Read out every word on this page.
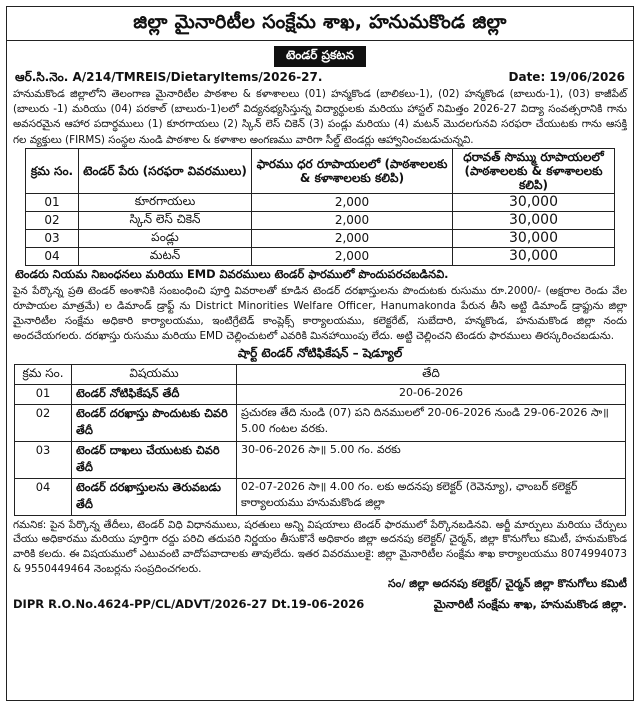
జిల్లా మైనారిటీల సంక్షేమ శాఖ, హనుమకొండ జిల్లా
టెండర్ ప్రకటన
ఆర్.సి.నెం. A/214/TMREIS/DietaryItems/2026-27.	Date: 19/06/2026
హనుమకొండ జిల్లాలోని తెలంగాణ మైనారిటీల పాఠశాల & కళాశాలలు (01) హన్మకొండ (బాలికలు-1), (02) హన్మకొండ (బాలురు-1), (03) కాజీపేట్ (బాలురు -1) మరియు (04) పరకాల్ (బాలురు-1)లలో విద్యనభ్యసిస్తున్న విద్యార్థులకు మరియు హాస్టల్ నిమిత్తం 2026-27 విద్యా సంవత్సరానికి గాను అవసరమైన ఆహార పదార్థములు (1) కూరగాయలు (2) స్కిన్ లెస్ చికెన్ (3) పండ్లు మరియు (4) మటన్ మొదలగునవి సరఫరా చేయుటకు గాను ఆసక్తి గల వ్యక్తులు (FIRMS) సంస్థల నుండి పాఠశాల & కళాశాల అంగణము వారిగా సీల్డ్ టెండర్లు ఆహ్వానించబడుచున్నవి.
క్రమ సం.	టెండర్ పేరు (సరఫరా వివరములు)	ఫారము ధర రూపాయలలో (పాఠశాలలకు & కళాశాలలకు కలిపి)	ధరావత్ సొమ్ము రూపాయలలో (పాఠశాలలకు & కళాశాలలకు కలిపి)
01	కూరగాయలు	2,000	30,000
02	స్కిన్ లెస్ చికెన్	2,000	30,000
03	పండ్లు	2,000	30,000
04	మటన్	2,000	30,000
టెండరు నియమ నిబంధనలు మరియు EMD వివరములు టెండర్ ఫారములో పొందుపరచబడినవి.
పైన పేర్కొన్న ప్రతి టెండర్ అంశానికి సంబంధించి పూర్తి వివరాలతో కూడిన టెండర్ దరఖాస్తులను పొందుటకు రుసుము రూ.2000/- (అక్షరాల రెండు వేల రూపాయల మాత్రమే) ల డిమాండ్ డ్రాఫ్ట్ ను District Minorities Welfare Officer, Hanumakonda పేరున తీసి అట్టి డిమాండ్ డ్రాఫ్టును జిల్లా మైనారిటీల సంక్షేమ అధికారి కార్యాలయము, ఇంటిగ్రేటెడ్ కాంప్లెక్స్ కార్యాలయము, కలెక్టరేట్, సుబేదారి, హన్మకొండ, హనుమకొండ జిల్లా నందు అందచేయగలరు. దరఖాస్తు రుసుము మరియు EMD చెల్లించుటలో ఎవరికి మినహాయింపు లేదు. అట్టి చెల్లించని టెండరు ఫారములు తిరస్కరించబడును.
షార్ట్ టెండర్ నోటిఫికేషన్ – షెడ్యూల్
క్రమ సం.	విషయము	తేది
01	టెండర్ నోటిఫికేషన్ తేదీ	20-06-2026
02	టెండర్ దరఖాస్తు పొందుటకు చివరి తేదీ	ప్రచురణ తేది నుండి (07) పని దినములలో 20-06-2026 నుండి 29-06-2026 సా॥ 5.00 గంటల వరకు.
03	టెండర్ దాఖలు చేయుటకు చివరి తేదీ	30-06-2026 సా॥ 5.00 గం. వరకు
04	టెండర్ దరఖాస్తులను తెరువబడు తేదీ	02-07-2026 సా॥ 4.00 గం. లకు అదనపు కలెక్టర్ (రెవెన్యూ), ఛాంబర్ కలెక్టర్ కార్యాలయము హనుమకొండ జిల్లా
గమనిక: పైన పేర్కొన్న తేదీలు, టెండర్ విధి విధానములు, షరతులు అన్ని విషయాలు టెండర్ ఫారములో పేర్కొనబడినవి. అర్జీ మార్పులు మరియు చేర్పులు చేయు అధికారము మరియు పూర్తిగా రద్దు పరిచి తదుపరి నిర్ణయం తీసుకొనే అధికారం జిల్లా అదనపు కలెక్టర్/ చైర్మన్, జిల్లా కొనుగోలు కమిటీ, హనుమకొండ వారికి కలదు. ఈ విషయములో ఎటువంటి వాదోపవాదాలకు తావులేదు. ఇతర వివరములకై: జిల్లా మైనారిటీల సంక్షేమ శాఖ కార్యాలయము 8074994073 & 9550449464 నెంబర్లను సంప్రదించగలరు.
సం/ జిల్లా అదనపు కలెక్టర్/ చైర్మన్ జిల్లా కొనుగోలు కమిటీ
DIPR R.O.No.4624-PP/CL/ADVT/2026-27 Dt.19-06-2026	మైనారిటీ సంక్షేమ శాఖ, హనుమకొండ జిల్లా.
